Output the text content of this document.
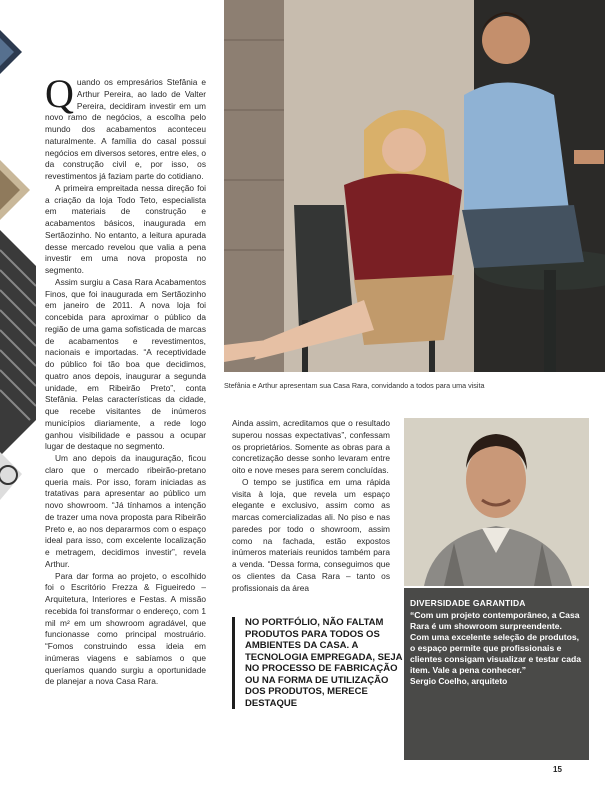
Stefânia e Arthur apresentam sua Casa Rara, convidando a todos para uma visita
Q uando os empresários Stefânia e Arthur Pereira, ao lado de Valter Pereira, decidiram investir em um novo ramo de negócios, a escolha pelo mundo dos acabamentos aconteceu naturalmente. A família do casal possui negócios em diversos setores, entre eles, o da construção civil e, por isso, os revestimentos já faziam parte do cotidiano.

A primeira empreitada nessa direção foi a criação da loja Todo Teto, especialista em materiais de construção e acabamentos básicos, inaugurada em Sertãozinho. No entanto, a leitura apurada desse mercado revelou que valia a pena investir em uma nova proposta no segmento.

Assim surgiu a Casa Rara Acabamentos Finos, que foi inaugurada em Sertãozinho em janeiro de 2011. A nova loja foi concebida para aproximar o público da região de uma gama sofisticada de marcas de acabamentos e revestimentos, nacionais e importadas. “A receptividade do público foi tão boa que decidimos, quatro anos depois, inaugurar a segunda unidade, em Ribeirão Preto”, conta Stefânia. Pelas características da cidade, que recebe visitantes de inúmeros municípios diariamente, a rede logo ganhou visibilidade e passou a ocupar lugar de destaque no segmento.

Um ano depois da inauguração, ficou claro que o mercado ribeirão-pretano queria mais. Por isso, foram iniciadas as tratativas para apresentar ao público um novo showroom. “Já tínhamos a intenção de trazer uma nova proposta para Ribeirão Preto e, ao nos depararmos com o espaço ideal para isso, com excelente localização e metragem, decidimos investir”, revela Arthur.

Para dar forma ao projeto, o escolhido foi o Escritório Frezza & Figueiredo – Arquitetura, Interiores e Festas. A missão recebida foi transformar o endereço, com 1 mil m² em um showroom agradável, que funcionasse como principal mostruário. “Fomos construindo essa ideia em inúmeras viagens e sabíamos o que queríamos quando surgiu a oportunidade de planejar a nova Casa Rara.

Ainda assim, acreditamos que o resultado superou nossas expectativas”, confessam os proprietários. Somente as obras para a concretização desse sonho levaram entre oito e nove meses para serem concluídas.

O tempo se justifica em uma rápida visita à loja, que revela um espaço elegante e exclusivo, assim como as marcas comercializadas ali. No piso e nas paredes por todo o showroom, assim como na fachada, estão expostos inúmeros materiais reunidos também para a venda. “Dessa forma, conseguimos que os clientes da Casa Rara – tanto os profissionais da área

NO PORTFÓLIO, NÃO FALTAM PRODUTOS PARA TODOS OS AMBIENTES DA CASA. A TECNOLOGIA EMPREGADA, SEJA NO PROCESSO DE FABRICAÇÃO OU NA FORMA DE UTILIZAÇÃO DOS PRODUTOS, MERECE DESTAQUE
DIVERSIDADE GARANTIDA
“Com um projeto contemporâneo, a Casa Rara é um showroom surpreendente. Com uma excelente seleção de produtos, o espaço permite que profissionais e clientes consigam visualizar e testar cada item. Vale a pena conhecer.”
Sergio Coelho, arquiteto
15
